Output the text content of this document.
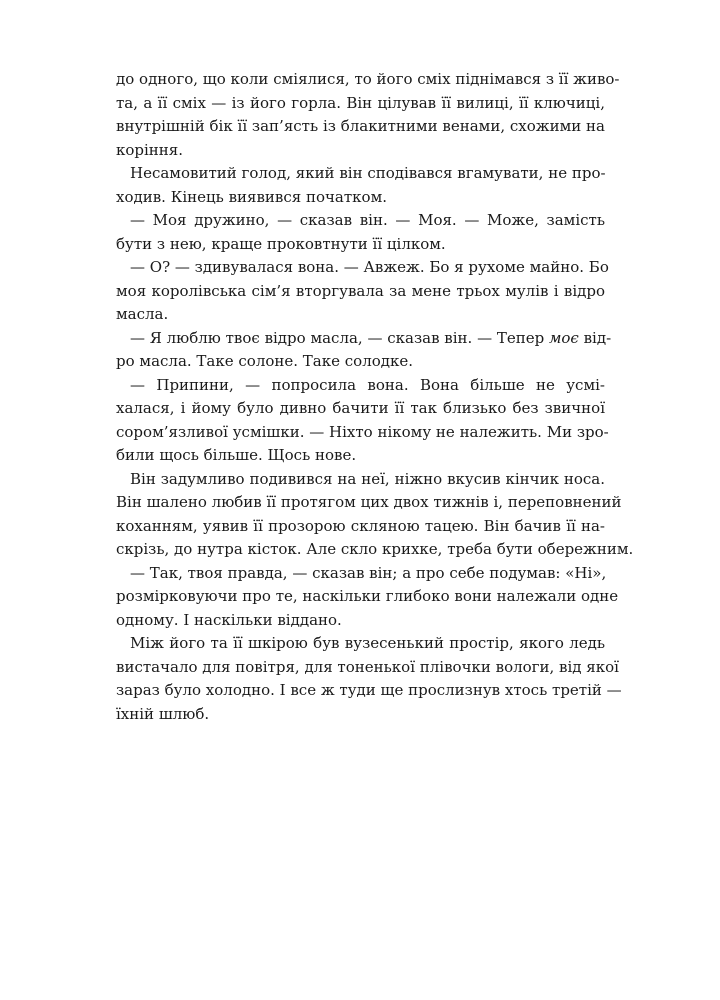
до одного, що коли сміялися, то його сміх піднімався з її живо-
та, а її сміх — із його горла. Він цілував її вилиці, її ключиці,
внутрішній бік її зап’ясть із блакитними венами, схожими на
коріння.
Несамовитий голод, який він сподівався вгамувати, не про-
ходив. Кінець виявився початком.
— Моя дружино, — сказав він. — Моя. — Може, замість
бути з нею, краще проковтнути її цілком.
— О? — здивувалася вона. — Авжеж. Бо я рухоме майно. Бо
моя королівська сім’я вторгувала за мене трьох мулів і відро
масла.
— Я люблю твоє відро масла, — сказав він. — Тепер моє від-
ро масла. Таке солоне. Таке солодке.
— Припини, — попросила вона. Вона більше не усмі-
халася, і йому було дивно бачити її так близько без звичної
сором’язливої усмішки. — Ніхто нікому не належить. Ми зро-
били щось більше. Щось нове.
Він задумливо подивився на неї, ніжно вкусив кінчик носа.
Він шалено любив її протягом цих двох тижнів і, переповнений
коханням, уявив її прозорою скляною тацею. Він бачив її на-
скрізь, до нутра кісток. Але скло крихке, треба бути обережним.
— Так, твоя правда, — сказав він; а про себе подумав: «Ні»,
розмірковуючи про те, наскільки глибоко вони належали одне
одному. І наскільки віддано.
Між його та її шкірою був вузесенький простір, якого ледь
вистачало для повітря, для тоненької плівочки вологи, від якої
зараз було холодно. І все ж туди ще прослизнув хтось третій —
їхній шлюб.
